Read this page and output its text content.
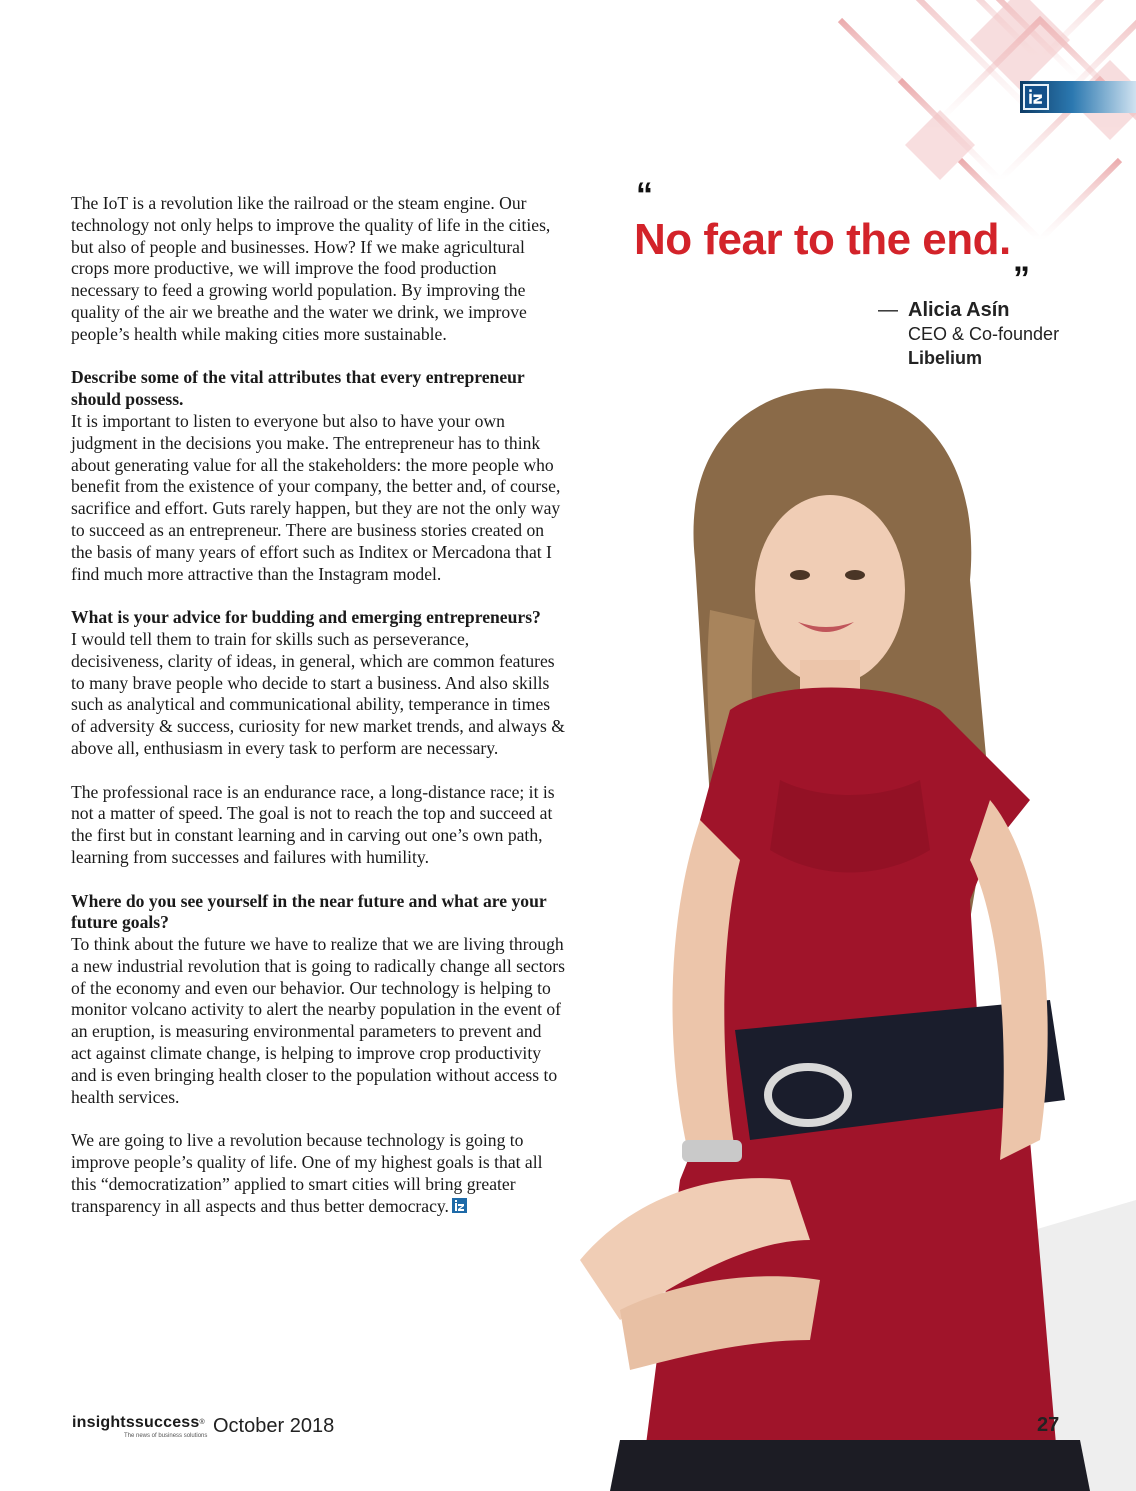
The IoT is a revolution like the railroad or the steam engine. Our technology not only helps to improve the quality of life in the cities, but also of people and businesses. How? If we make agricultural crops more productive, we will improve the food production necessary to feed a growing world population. By improving the quality of the air we breathe and the water we drink, we improve people’s health while making cities more sustainable.

Describe some of the vital attributes that every entrepreneur should possess.
It is important to listen to everyone but also to have your own judgment in the decisions you make. The entrepreneur has to think about generating value for all the stakeholders: the more people who benefit from the existence of your company, the better and, of course, sacrifice and effort. Guts rarely happen, but they are not the only way to succeed as an entrepreneur. There are business stories created on the basis of many years of effort such as Inditex or Mercadona that I find much more attractive than the Instagram model.

What is your advice for budding and emerging entrepreneurs?
I would tell them to train for skills such as perseverance, decisiveness, clarity of ideas, in general, which are common features to many brave people who decide to start a business. And also skills such as analytical and communicational ability, temperance in times of adversity & success, curiosity for new market trends, and always & above all, enthusiasm in every task to perform are necessary.

The professional race is an endurance race, a long-distance race; it is not a matter of speed. The goal is not to reach the top and succeed at the first but in constant learning and in carving out one’s own path, learning from successes and failures with humility.

Where do you see yourself in the near future and what are your future goals?
To think about the future we have to realize that we are living through a new industrial revolution that is going to radically change all sectors of the economy and even our behavior. Our technology is helping to monitor volcano activity to alert the nearby population in the event of an eruption, is measuring environmental parameters to prevent and act against climate change, is helping to improve crop productivity and is even bringing health closer to the population without access to health services.

We are going to live a revolution because technology is going to improve people’s quality of life. One of my highest goals is that all this “democratization” applied to smart cities will bring greater transparency in all aspects and thus better democracy.

“
No fear to the end.
”
— Alicia Asín
CEO & Co-founder
Libelium
insightssuccess®
The news of business solutions October 2018	27
